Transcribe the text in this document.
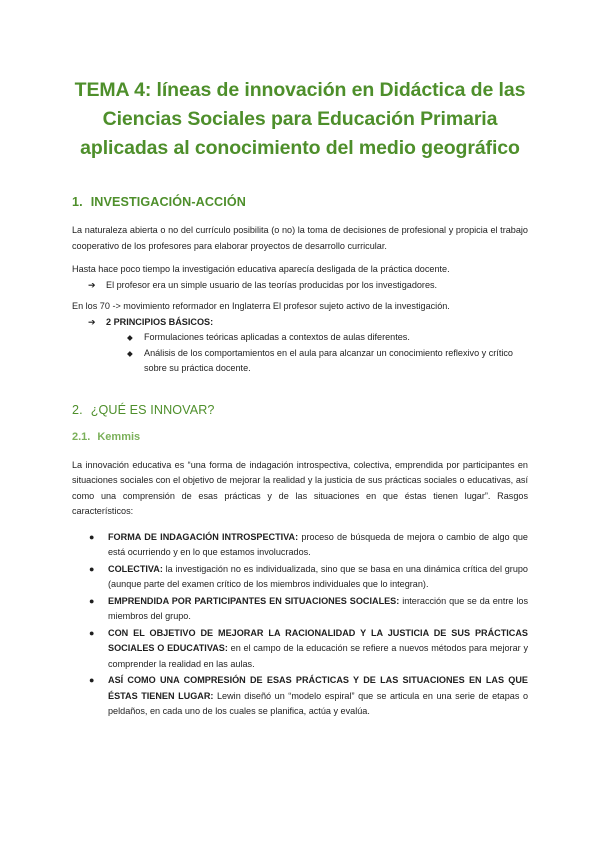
TEMA 4: líneas de innovación en Didáctica de las Ciencias Sociales para Educación Primaria aplicadas al conocimiento del medio geográfico
1. INVESTIGACIÓN-ACCIÓN

La naturaleza abierta o no del currículo posibilita (o no) la toma de decisiones de profesional y propicia el trabajo cooperativo de los profesores para elaborar proyectos de desarrollo curricular.

Hasta hace poco tiempo la investigación educativa aparecía desligada de la práctica docente.

➔ El profesor era un simple usuario de las teorías producidas por los investigadores.

En los 70 -> movimiento reformador en Inglaterra El profesor sujeto activo de la investigación.

➔ 2 PRINCIPIOS BÁSICOS:
◆ Formulaciones teóricas aplicadas a contextos de aulas diferentes.
◆ Análisis de los comportamientos en el aula para alcanzar un conocimiento reflexivo y crítico sobre su práctica docente.
2. ¿QUÉ ES INNOVAR?
2.1. Kemmis

La innovación educativa es “una forma de indagación introspectiva, colectiva, emprendida por participantes en situaciones sociales con el objetivo de mejorar la realidad y la justicia de sus prácticas sociales o educativas, así como una comprensión de esas prácticas y de las situaciones en que éstas tienen lugar”. Rasgos característicos:

● FORMA DE INDAGACIÓN INTROSPECTIVA: proceso de búsqueda de mejora o cambio de algo que está ocurriendo y en lo que estamos involucrados.
● COLECTIVA: la investigación no es individualizada, sino que se basa en una dinámica crítica del grupo (aunque parte del examen crítico de los miembros individuales que lo integran).
● EMPRENDIDA POR PARTICIPANTES EN SITUACIONES SOCIALES: interacción que se da entre los miembros del grupo.
● CON EL OBJETIVO DE MEJORAR LA RACIONALIDAD Y LA JUSTICIA DE SUS PRÁCTICAS SOCIALES O EDUCATIVAS: en el campo de la educación se refiere a nuevos métodos para mejorar y comprender la realidad en las aulas.
● ASÍ COMO UNA COMPRESIÓN DE ESAS PRÁCTICAS Y DE LAS SITUACIONES EN LAS QUE ÉSTAS TIENEN LUGAR: Lewin diseñó un “modelo espiral” que se articula en una serie de etapas o peldaños, en cada uno de los cuales se planifica, actúa y evalúa.
